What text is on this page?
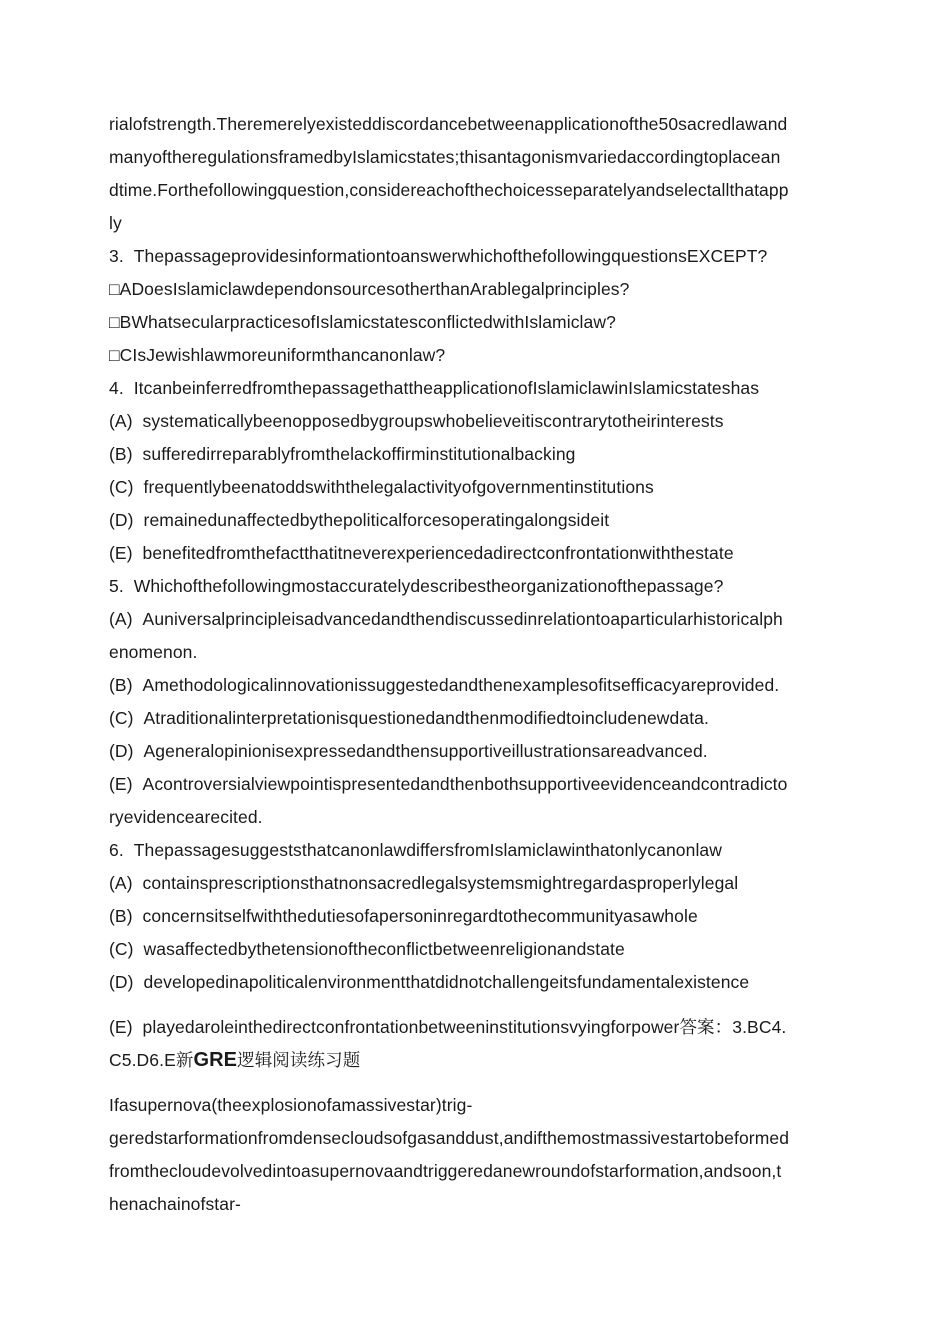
rialofstrength.Theremerelyexisteddiscordancebetweenapplicationofthe50sacredlawand
manyoftheregulationsframedbyIslamicstates;thisantagonismvariedaccordingtoplacean
dtime.Forthefollowingquestion,considereachofthechoicesseparatelyandselectallthatapp
ly
3.  ThepassageprovidesinformationtoanswerwhichofthefollowingquestionsEXCEPT?
□ADoesIslamiclawdependonsourcesotherthanArablegalprinciples?
□BWhatsecularpracticesofIslamicstatesconflictedwithIslamiclaw?
□CIsJewishlawmoreuniformthancanonlaw?
4.  ItcanbeinferredfromthepassagethattheapplicationofIslamiclawinIslamicstateshas
(A)  systematicallybeenopposedbygroupswhobelieveitiscontrarytotheirinterests
(B)  sufferedirreparablyfromthelackoffirminstitutionalbacking
(C)  frequentlybeenatoddswiththelegalactivityofgovernmentinstitutions
(D)  remainedunaffectedbythepoliticalforcesoperatingalongsideit
(E)  benefitedfromthefactthatitneverexperiencedadirectconfrontationwiththestate
5.  Whichofthefollowingmostaccuratelydescribestheorganizationofthepassage?
(A)  Auniversalprincipleisadvancedandthendiscussedinrelationtoaparticularhistoricalph
enomenon.
(B)  Amethodologicalinnovationissuggestedandthenexamplesofitsefficacyareprovided.
(C)  Atraditionalinterpretationisquestionedandthenmodifiedtoincludenewdata.
(D)  Ageneralopinionisexpressedandthensupportiveillustrationsareadvanced.
(E)  Acontroversialviewpointispresentedandthenbothsupportiveevidenceandcontradicto
ryevidencearecited.
6.  ThepassagesuggeststhatcanonlawdiffersfromIslamiclawinthatonlycanonlaw
(A)  containsprescriptionsthatnonsacredlegalsystemsmightregardasproperlylegal
(B)  concernsitselfwiththedutiesofapersoninregardtothecommunityasawhole
(C)  wasaffectedbythetensionoftheconflictbetweenreligionandstate
(D)  developedinapoliticalenvironmentthatdidnotchallengeitsfundamentalexistence
(E)  playedaroleinthedirectconfrontationbetweeninstitutionsvyingforpower答案：3.BC4.
C5.D6.E新GRE逻辑阅读练习题
Ifasupernova(theexplosionofamassivestar)trig-
geredstarformationfromdensecloudsofgasanddust,andifthemostmassivestartobeformed
fromthecloudevolvedintoasupernovaandtriggeredanewroundofstarformation,andsoon,t
henachainofstar-
